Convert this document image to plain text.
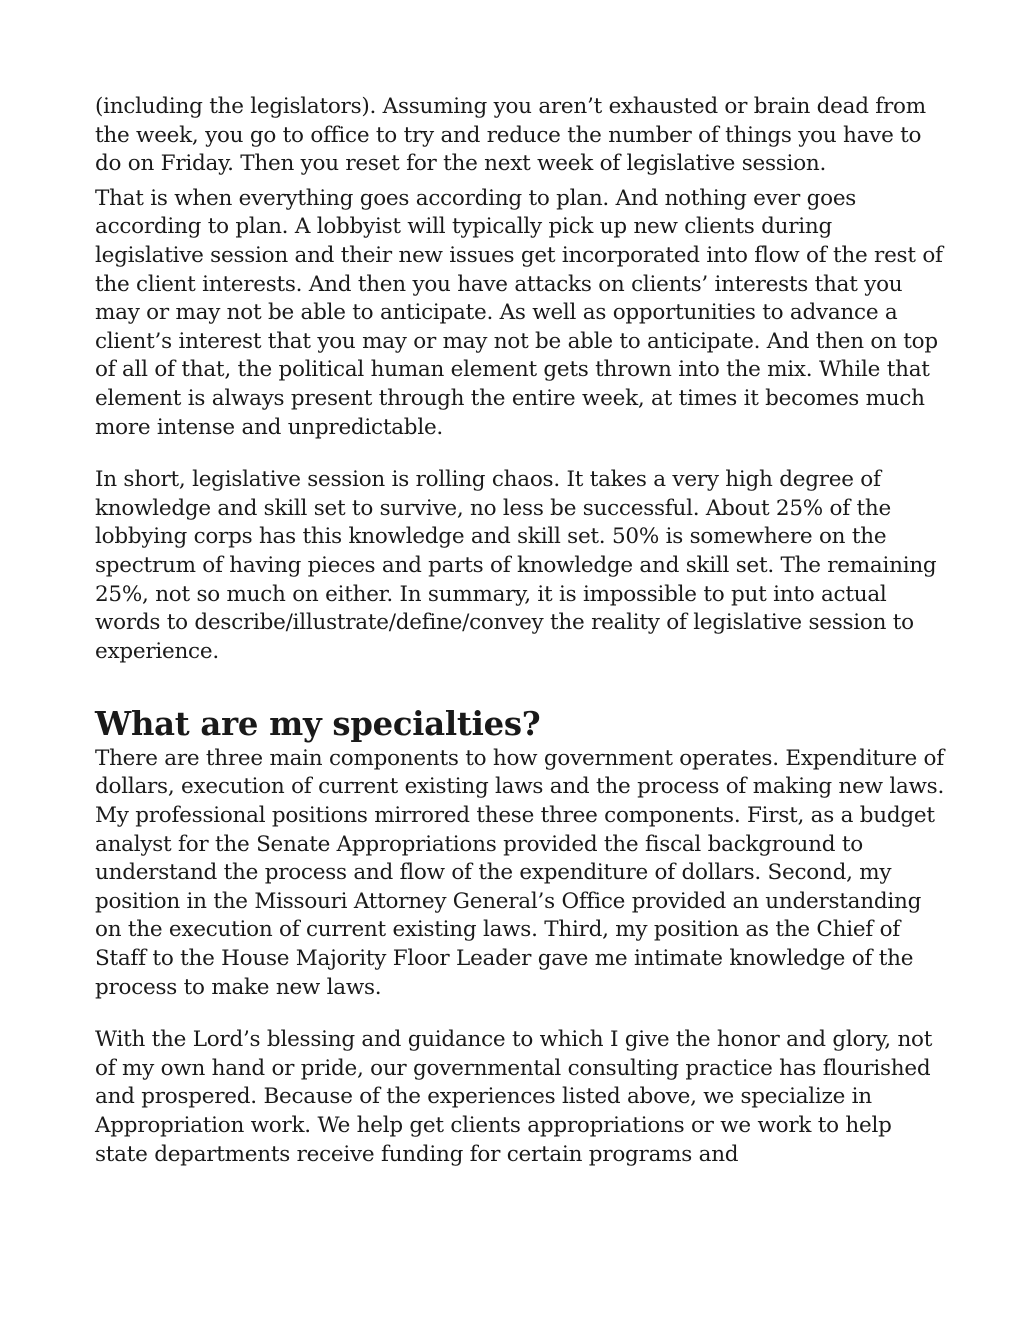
(including the legislators). Assuming you aren’t exhausted or brain dead from the week, you go to office to try and reduce the number of things you have to do on Friday. Then you reset for the next week of legislative session.

That is when everything goes according to plan. And nothing ever goes according to plan. A lobbyist will typically pick up new clients during legislative session and their new issues get incorporated into flow of the rest of the client interests. And then you have attacks on clients’ interests that you may or may not be able to anticipate. As well as opportunities to advance a client’s interest that you may or may not be able to anticipate. And then on top of all of that, the political human element gets thrown into the mix. While that element is always present through the entire week, at times it becomes much more intense and unpredictable.

In short, legislative session is rolling chaos. It takes a very high degree of knowledge and skill set to survive, no less be successful. About 25% of the lobbying corps has this knowledge and skill set. 50% is somewhere on the spectrum of having pieces and parts of knowledge and skill set. The remaining 25%, not so much on either. In summary, it is impossible to put into actual words to describe/illustrate/define/convey the reality of legislative session to experience.

What are my specialties?

There are three main components to how government operates. Expenditure of dollars, execution of current existing laws and the process of making new laws. My professional positions mirrored these three components. First, as a budget analyst for the Senate Appropriations provided the fiscal background to understand the process and flow of the expenditure of dollars. Second, my position in the Missouri Attorney General’s Office provided an understanding on the execution of current existing laws. Third, my position as the Chief of Staff to the House Majority Floor Leader gave me intimate knowledge of the process to make new laws.

With the Lord’s blessing and guidance to which I give the honor and glory, not of my own hand or pride, our governmental consulting practice has flourished and prospered. Because of the experiences listed above, we specialize in Appropriation work. We help get clients appropriations or we work to help state departments receive funding for certain programs and
